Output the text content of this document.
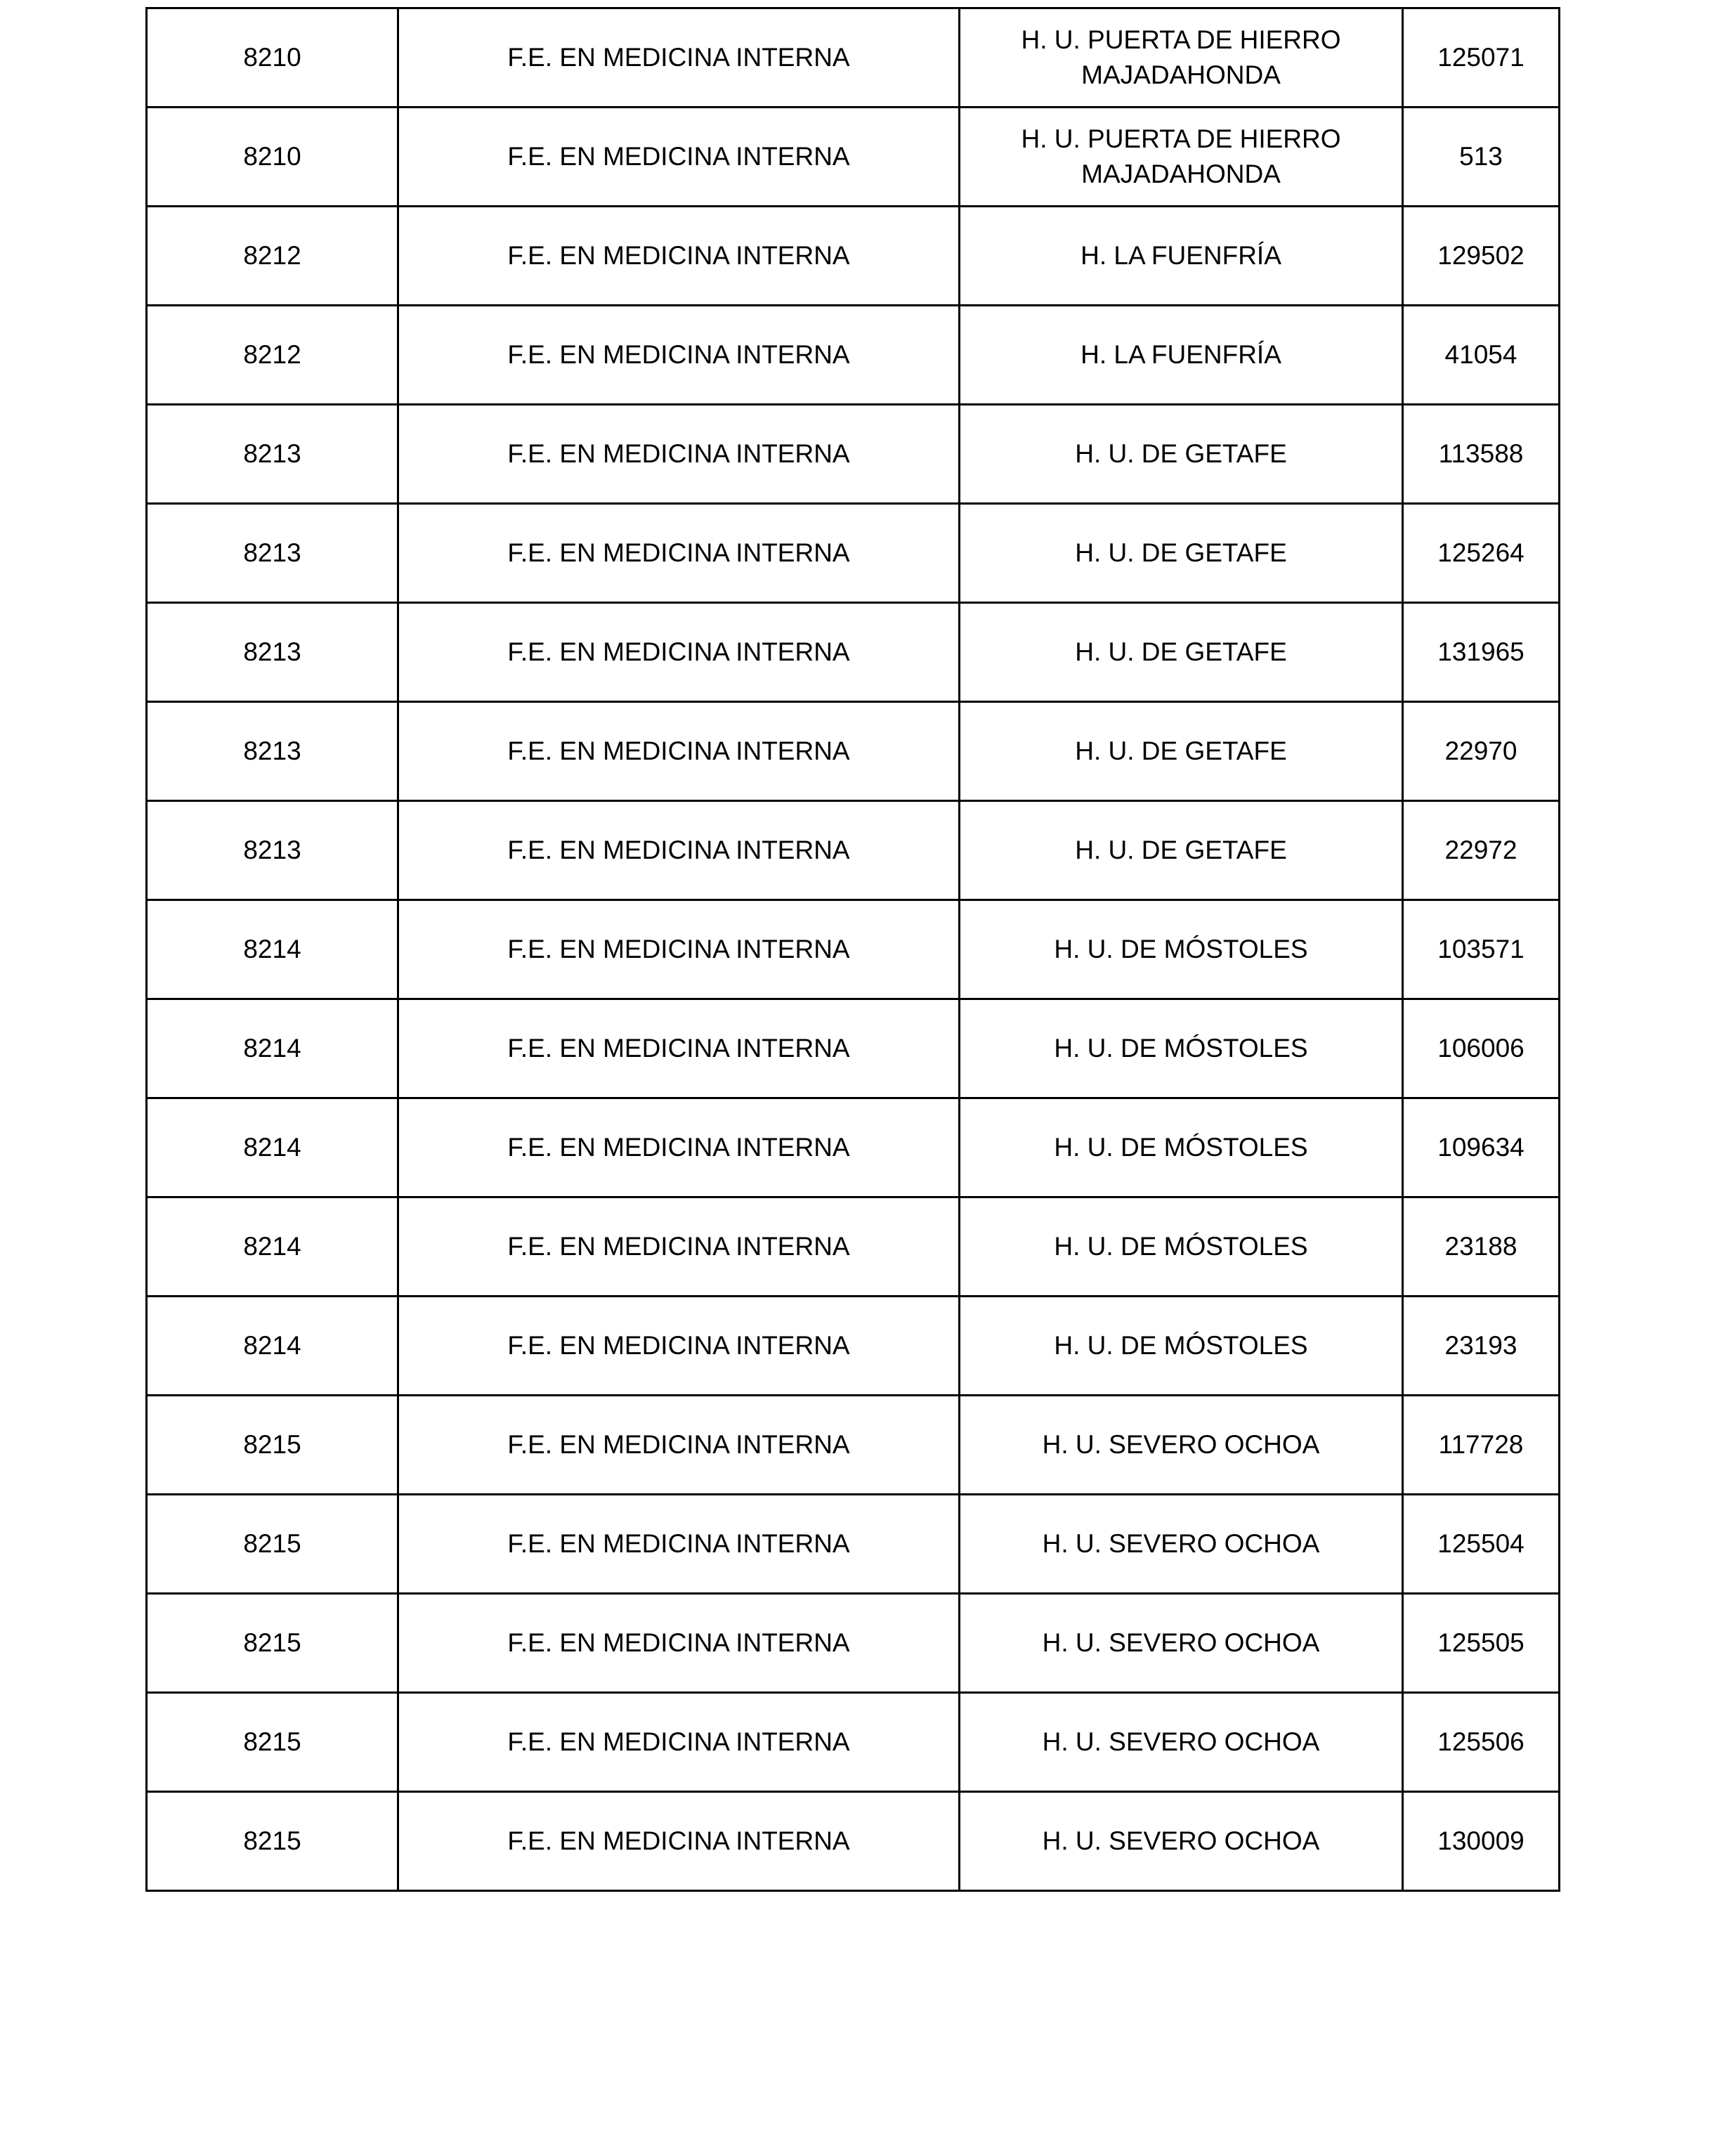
8210	F.E. EN MEDICINA INTERNA	H. U. PUERTA DE HIERRO MAJADAHONDA	125071
8210	F.E. EN MEDICINA INTERNA	H. U. PUERTA DE HIERRO MAJADAHONDA	513
8212	F.E. EN MEDICINA INTERNA	H. LA FUENFRÍA	129502
8212	F.E. EN MEDICINA INTERNA	H. LA FUENFRÍA	41054
8213	F.E. EN MEDICINA INTERNA	H. U. DE GETAFE	113588
8213	F.E. EN MEDICINA INTERNA	H. U. DE GETAFE	125264
8213	F.E. EN MEDICINA INTERNA	H. U. DE GETAFE	131965
8213	F.E. EN MEDICINA INTERNA	H. U. DE GETAFE	22970
8213	F.E. EN MEDICINA INTERNA	H. U. DE GETAFE	22972
8214	F.E. EN MEDICINA INTERNA	H. U. DE MÓSTOLES	103571
8214	F.E. EN MEDICINA INTERNA	H. U. DE MÓSTOLES	106006
8214	F.E. EN MEDICINA INTERNA	H. U. DE MÓSTOLES	109634
8214	F.E. EN MEDICINA INTERNA	H. U. DE MÓSTOLES	23188
8214	F.E. EN MEDICINA INTERNA	H. U. DE MÓSTOLES	23193
8215	F.E. EN MEDICINA INTERNA	H. U. SEVERO OCHOA	117728
8215	F.E. EN MEDICINA INTERNA	H. U. SEVERO OCHOA	125504
8215	F.E. EN MEDICINA INTERNA	H. U. SEVERO OCHOA	125505
8215	F.E. EN MEDICINA INTERNA	H. U. SEVERO OCHOA	125506
8215	F.E. EN MEDICINA INTERNA	H. U. SEVERO OCHOA	130009
